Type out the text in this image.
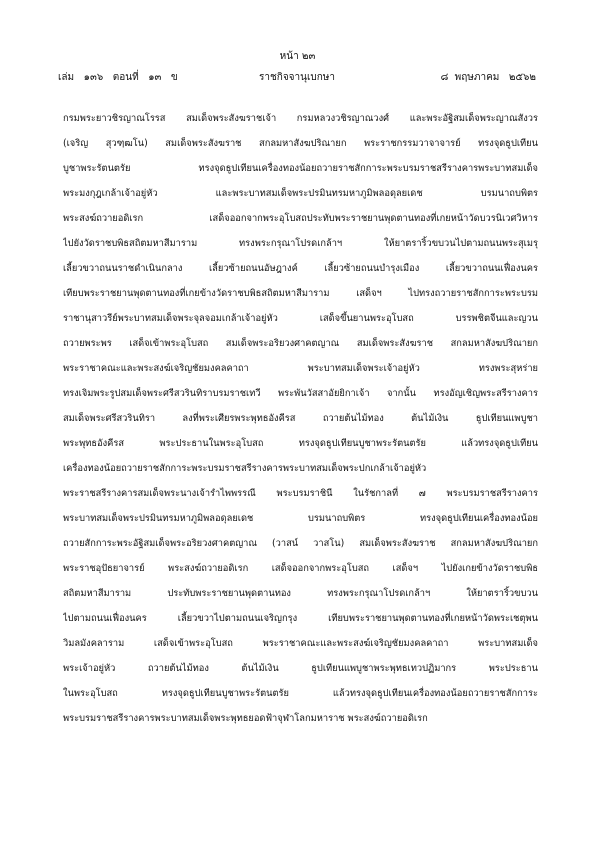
หน้า ๒๓
เล่ม   ๑๓๖   ตอนที่   ๑๓   ข	ราชกิจจานุเบกษา	๘  พฤษภาคม   ๒๕๖๒
กรมพระยาวชิรญาณโรรส สมเด็จพระสังฆราชเจ้า กรมหลวงวชิรญาณวงศ์ และพระอัฐิสมเด็จพระญาณสังวร
(เจริญ สุวฑฺฒโน) สมเด็จพระสังฆราช สกลมหาสังฆปริณายก พระราชกรรมวาจาจารย์ ทรงจุดธูปเทียน
บูชาพระรัตนตรัย ทรงจุดธูปเทียนเครื่องทองน้อยถวายราชสักการะพระบรมราชสรีรางคารพระบาทสมเด็จ
พระมงกุฎเกล้าเจ้าอยู่หัว และพระบาทสมเด็จพระปรมินทรมหาภูมิพลอดุลยเดช บรมนาถบพิตร
พระสงฆ์ถวายอดิเรก เสด็จออกจากพระอุโบสถประทับพระราชยานพุดตานทองที่เกยหน้าวัดบวรนิเวศวิหาร
ไปยังวัดราชบพิธสถิตมหาสีมาราม ทรงพระกรุณาโปรดเกล้าฯ ให้ยาตราริ้วขบวนไปตามถนนพระสุเมรุ
เลี้ยวขวาถนนราชดำเนินกลาง เลี้ยวซ้ายถนนอัษฎางค์ เลี้ยวซ้ายถนนบำรุงเมือง เลี้ยวขวาถนนเฟื่องนคร
เทียบพระราชยานพุดตานทองที่เกยข้างวัดราชบพิธสถิตมหาสีมาราม เสด็จฯ ไปทรงถวายราชสักการะพระบรม
ราชานุสาวรีย์พระบาทสมเด็จพระจุลจอมเกล้าเจ้าอยู่หัว เสด็จขึ้นยานพระอุโบสถ บรรพชิตจีนและญวน
ถวายพระพร เสด็จเข้าพระอุโบสถ สมเด็จพระอริยวงศาคตญาณ สมเด็จพระสังฆราช สกลมหาสังฆปริณายก
พระราชาคณะและพระสงฆ์เจริญชัยมงคลคาถา พระบาทสมเด็จพระเจ้าอยู่หัว ทรงพระสุหร่าย
ทรงเจิมพระรูปสมเด็จพระศรีสวรินทิราบรมราชเทวี พระพันวัสสาอัยยิกาเจ้า จากนั้น ทรงอัญเชิญพระสรีรางคาร
สมเด็จพระศรีสวรินทิรา ลงที่พระเศียรพระพุทธอังคีรส ถวายต้นไม้ทอง ต้นไม้เงิน ธูปเทียนแพบูชา
พระพุทธอังคีรส พระประธานในพระอุโบสถ ทรงจุดธูปเทียนบูชาพระรัตนตรัย แล้วทรงจุดธูปเทียน
เครื่องทองน้อยถวายราชสักการะพระบรมราชสรีรางคารพระบาทสมเด็จพระปกเกล้าเจ้าอยู่หัว
พระราชสรีรางคารสมเด็จพระนางเจ้ารำไพพรรณี พระบรมราชินี ในรัชกาลที่ ๗ พระบรมราชสรีรางคาร
พระบาทสมเด็จพระปรมินทรมหาภูมิพลอดุลยเดช บรมนาถบพิตร ทรงจุดธูปเทียนเครื่องทองน้อย
ถวายสักการะพระอัฐิสมเด็จพระอริยวงศาคตญาณ (วาสน์ วาสโน) สมเด็จพระสังฆราช สกลมหาสังฆปริณายก
พระราชอุปัธยาจารย์ พระสงฆ์ถวายอดิเรก เสด็จออกจากพระอุโบสถ เสด็จฯ ไปยังเกยข้างวัดราชบพิธ
สถิตมหาสีมาราม ประทับพระราชยานพุดตานทอง ทรงพระกรุณาโปรดเกล้าฯ ให้ยาตราริ้วขบวน
ไปตามถนนเฟื่องนคร เลี้ยวขวาไปตามถนนเจริญกรุง เทียบพระราชยานพุดตานทองที่เกยหน้าวัดพระเชตุพน
วิมลมังคลาราม เสด็จเข้าพระอุโบสถ พระราชาคณะและพระสงฆ์เจริญชัยมงคลคาถา พระบาทสมเด็จ
พระเจ้าอยู่หัว ถวายต้นไม้ทอง ต้นไม้เงิน ธูปเทียนแพบูชาพระพุทธเทวปฏิมากร พระประธาน
ในพระอุโบสถ ทรงจุดธูปเทียนบูชาพระรัตนตรัย แล้วทรงจุดธูปเทียนเครื่องทองน้อยถวายราชสักการะ
พระบรมราชสรีรางคารพระบาทสมเด็จพระพุทธยอดฟ้าจุฬาโลกมหาราช พระสงฆ์ถวายอดิเรก
